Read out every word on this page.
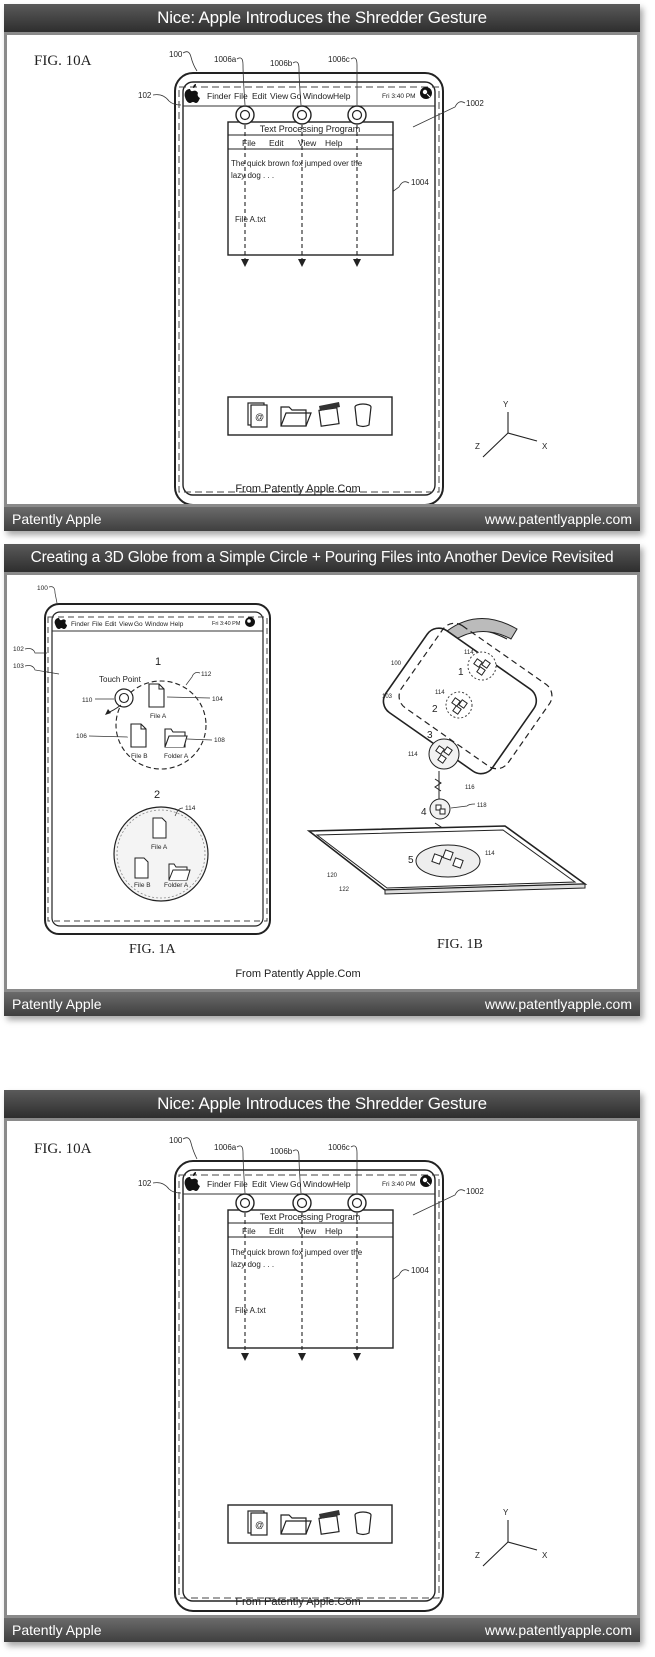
Nice: Apple Introduces the Shredder Gesture
FIG. 10A	100
102
1006a	1006b	1006c
1002
1004
Finder File Edit View Go Window Help	Fri 3:40 PM
Text Processing Program
File Edit View Help
The quick brown fox jumped over the
lazy dog . . .
File A.txt
@
Y
X
Z
From Patently Apple.Com
Patently Apple	www.patentlyapple.com
Creating a 3D Globe from a Simple Circle + Pouring Files into Another Device Revisited
100
102
103
Finder File Edit View Go Window Help	Fri 3:40 PM
1
Touch Point
110
112
File A
104
File B
106
Folder A
108
2
114
File A
File B Folder A
FIG. 1A
100
103
1
114
2
114
3
114
116
4
118
120
122
5
114
FIG. 1B
From Patently Apple.Com
Patently Apple	www.patentlyapple.com
Nice: Apple Introduces the Shredder Gesture
FIG. 10A
100
102
1006a	1006b	1006c
1002
1004
Finder File Edit View Go Window Help	Fri 3:40 PM
Text Processing Program
File Edit View Help
The quick brown fox jumped over the
lazy dog . . .
File A.txt
@
Y
X
Z
From Patently Apple.Com
Patently Apple	www.patentlyapple.com
